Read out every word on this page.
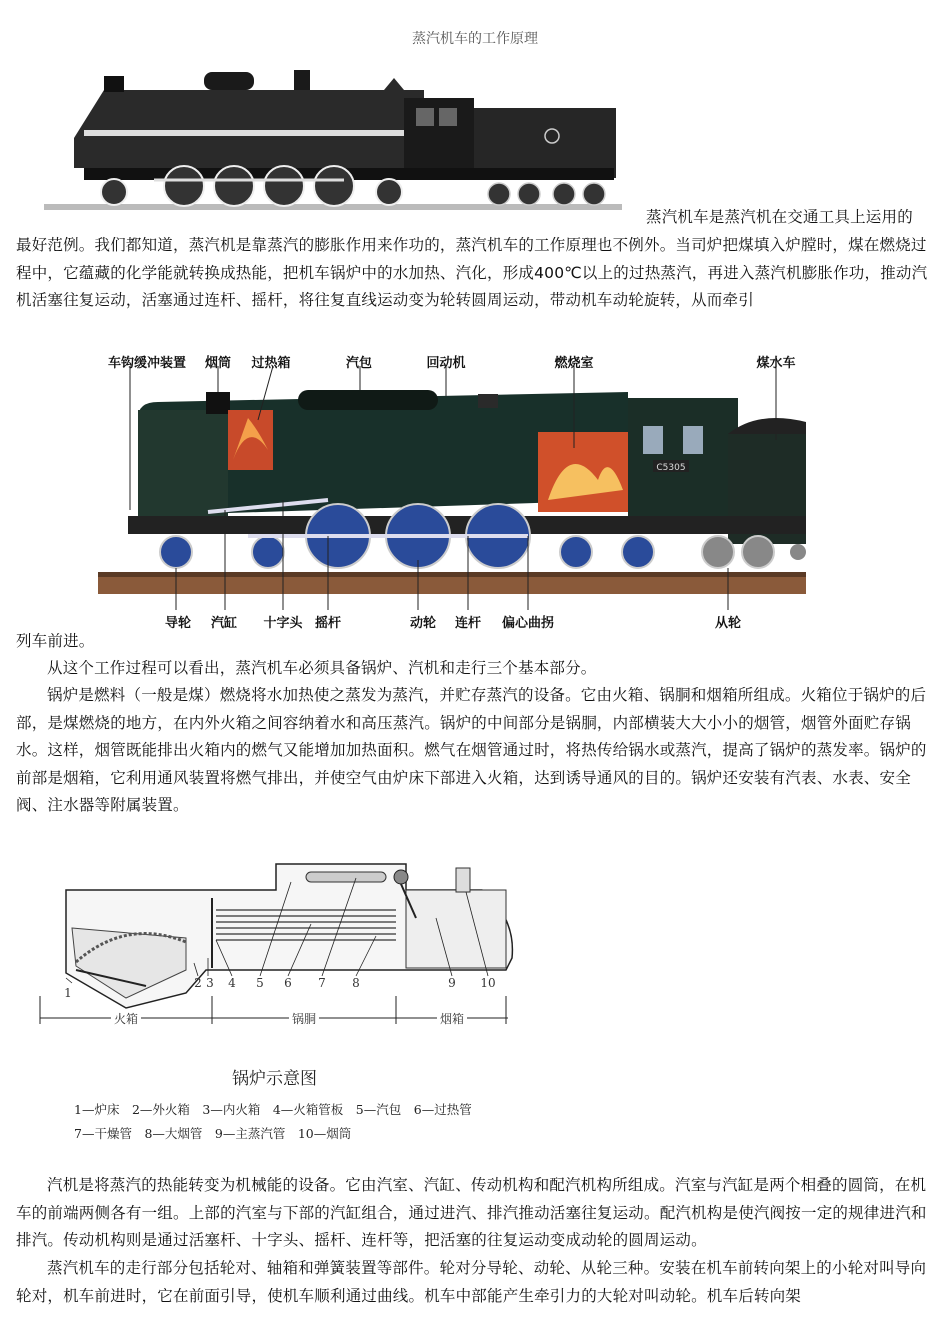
蒸汽机车的工作原理
蒸汽机车是蒸汽机在交通工具上运用的

最好范例。我们都知道，蒸汽机是靠蒸汽的膨胀作用来作功的，蒸汽机车的工作原理也不例外。当司炉把煤填入炉膛时，煤在燃烧过程中，它蕴藏的化学能就转换成热能，把机车锅炉中的水加热、汽化，形成400℃以上的过热蒸汽，再进入蒸汽机膨胀作功，推动汽机活塞往复运动，活塞通过连杆、摇杆，将往复直线运动变为轮转圆周运动，带动机车动轮旋转，从而牵引

C5305
车钩缓冲装置 烟筒 过热箱	汽包	回动机	燃烧室	煤水车
导轮 汽缸 十字头 摇杆	动轮 连杆 偏心曲拐	从轮
列车前进。

从这个工作过程可以看出，蒸汽机车必须具备锅炉、汽机和走行三个基本部分。

锅炉是燃料（一般是煤）燃烧将水加热使之蒸发为蒸汽，并贮存蒸汽的设备。它由火箱、锅胴和烟箱所组成。火箱位于锅炉的后部，是煤燃烧的地方，在内外火箱之间容纳着水和高压蒸汽。锅炉的中间部分是锅胴，内部横装大大小小的烟管，烟管外面贮存锅水。这样，烟管既能排出火箱内的燃气又能增加加热面积。燃气在烟管通过时，将热传给锅水或蒸汽，提高了锅炉的蒸发率。锅炉的前部是烟箱，它利用通风装置将燃气排出，并使空气由炉床下部进入火箱，达到诱导通风的目的。锅炉还安装有汽表、水表、安全阀、注水器等附属装置。

1
2 3 4 5 6 7 8	9 10
火箱	锅胴	烟箱
锅炉示意图
1—炉床　2—外火箱　3—内火箱　4—火箱管板　5—汽包　6—过热管
7—干燥管　8—大烟管　9—主蒸汽管　10—烟筒

汽机是将蒸汽的热能转变为机械能的设备。它由汽室、汽缸、传动机构和配汽机构所组成。汽室与汽缸是两个相叠的圆筒，在机车的前端两侧各有一组。上部的汽室与下部的汽缸组合，通过进汽、排汽推动活塞往复运动。配汽机构是使汽阀按一定的规律进汽和排汽。传动机构则是通过活塞杆、十字头、摇杆、连杆等，把活塞的往复运动变成动轮的圆周运动。

蒸汽机车的走行部分包括轮对、轴箱和弹簧装置等部件。轮对分导轮、动轮、从轮三种。安装在机车前转向架上的小轮对叫导向轮对，机车前进时，它在前面引导，使机车顺利通过曲线。机车中部能产生牵引力的大轮对叫动轮。机车后转向架
